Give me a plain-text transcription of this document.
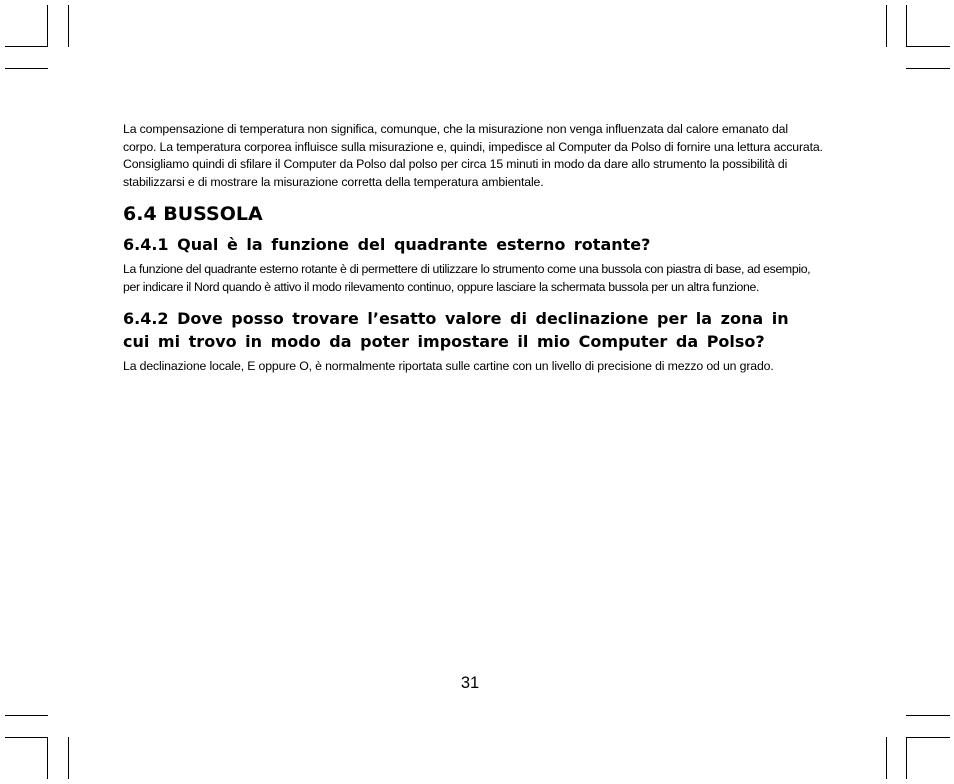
La compensazione di temperatura non significa, comunque, che la misurazione non venga influenzata dal calore emanato dal corpo. La temperatura corporea influisce sulla misurazione e, quindi, impedisce al Computer da Polso di fornire una lettura accurata. Consigliamo quindi di sfilare il Computer da Polso dal polso per circa 15 minuti in modo da dare allo strumento la possibilità di stabilizzarsi e di mostrare la misurazione corretta della temperatura ambientale.

6.4 BUSSOLA
6.4.1 Qual è la funzione del quadrante esterno rotante?

La funzione del quadrante esterno rotante è di permettere di utilizzare lo strumento come una bussola con piastra di base, ad esempio, per indicare il Nord quando è attivo il modo rilevamento continuo, oppure lasciare la schermata bussola per un altra funzione.

6.4.2 Dove posso trovare l’esatto valore di declinazione per la zona in cui mi trovo in modo da poter impostare il mio Computer da Polso?

La declinazione locale, E oppure O, è normalmente riportata sulle cartine con un livello di precisione di mezzo od un grado.

31
